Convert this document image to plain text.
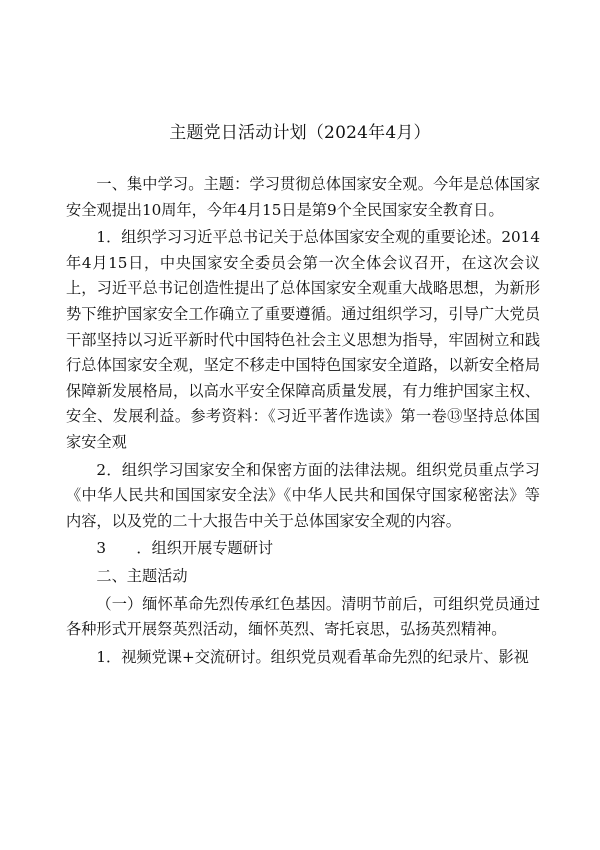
主题党日活动计划（2024年4月）

一、集中学习。主题：学习贯彻总体国家安全观。今年是总体国家安全观提出10周年，今年4月15日是第9个全民国家安全教育日。

1．组织学习习近平总书记关于总体国家安全观的重要论述。2014年4月15日，中央国家安全委员会第一次全体会议召开，在这次会议上，习近平总书记创造性提出了总体国家安全观重大战略思想，为新形势下维护国家安全工作确立了重要遵循。通过组织学习，引导广大党员干部坚持以习近平新时代中国特色社会主义思想为指导，牢固树立和践行总体国家安全观，坚定不移走中国特色国家安全道路，以新安全格局保障新发展格局，以高水平安全保障高质量发展，有力维护国家主权、安全、发展利益。参考资料：《习近平著作选读》第一卷⑬坚持总体国家安全观

2．组织学习国家安全和保密方面的法律法规。组织党员重点学习《中华人民共和国国家安全法》《中华人民共和国保守国家秘密法》等内容，以及党的二十大报告中关于总体国家安全观的内容。

3　　．组织开展专题研讨

二、主题活动

（一）缅怀革命先烈传承红色基因。清明节前后，可组织党员通过各种形式开展祭英烈活动，缅怀英烈、寄托哀思，弘扬英烈精神。

1．视频党课+交流研讨。组织党员观看革命先烈的纪录片、影视
